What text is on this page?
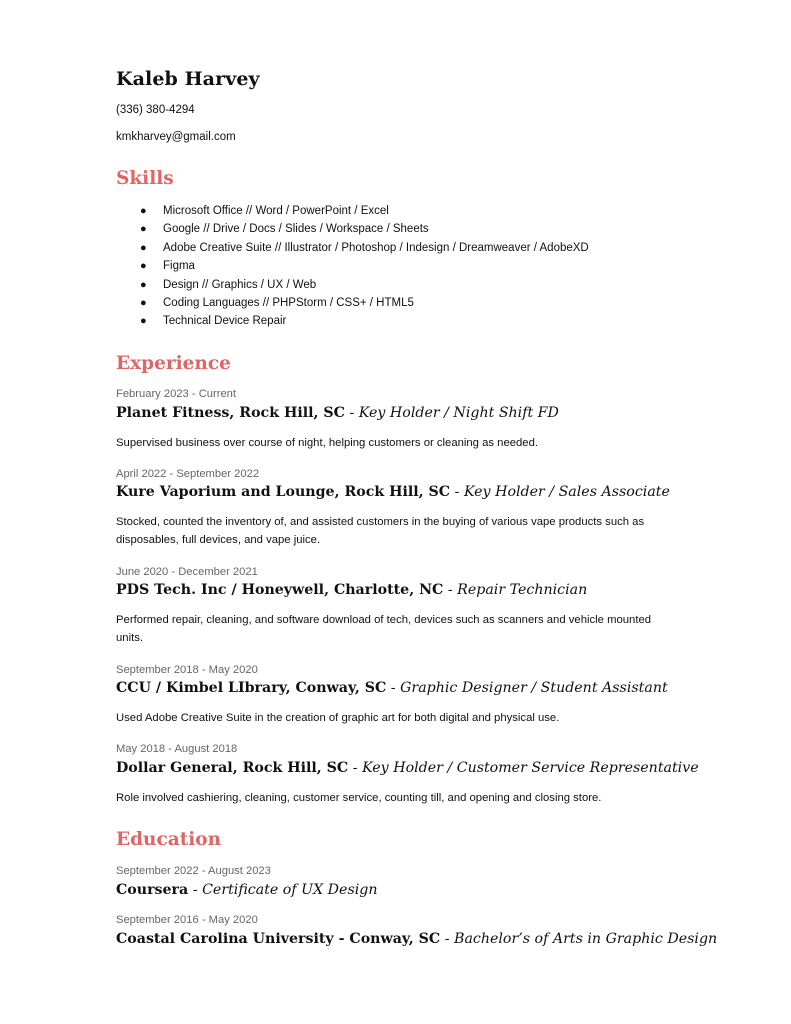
Kaleb Harvey
(336) 380-4294
kmkharvey@gmail.com
Skills
● Microsoft Office // Word / PowerPoint / Excel
● Google // Drive / Docs / Slides / Workspace / Sheets
● Adobe Creative Suite // Illustrator / Photoshop / Indesign / Dreamweaver / AdobeXD
● Figma
● Design // Graphics / UX / Web
● Coding Languages // PHPStorm / CSS+ / HTML5
● Technical Device Repair
Experience
February 2023 - Current
Planet Fitness, Rock Hill, SC - Key Holder / Night Shift FD
Supervised business over course of night, helping customers or cleaning as needed.
April 2022 - September 2022
Kure Vaporium and Lounge, Rock Hill, SC - Key Holder / Sales Associate
Stocked, counted the inventory of, and assisted customers in the buying of various vape products such as disposables, full devices, and vape juice.
June 2020 - December 2021
PDS Tech. Inc / Honeywell, Charlotte, NC - Repair Technician
Performed repair, cleaning, and software download of tech, devices such as scanners and vehicle mounted units.
September 2018 - May 2020
CCU / Kimbel LIbrary, Conway, SC - Graphic Designer / Student Assistant
Used Adobe Creative Suite in the creation of graphic art for both digital and physical use.
May 2018 - August 2018
Dollar General, Rock Hill, SC - Key Holder / Customer Service Representative
Role involved cashiering, cleaning, customer service, counting till, and opening and closing store.
Education
September 2022 - August 2023
Coursera - Certificate of UX Design
September 2016 - May 2020
Coastal Carolina University - Conway, SC - Bachelor’s of Arts in Graphic Design
